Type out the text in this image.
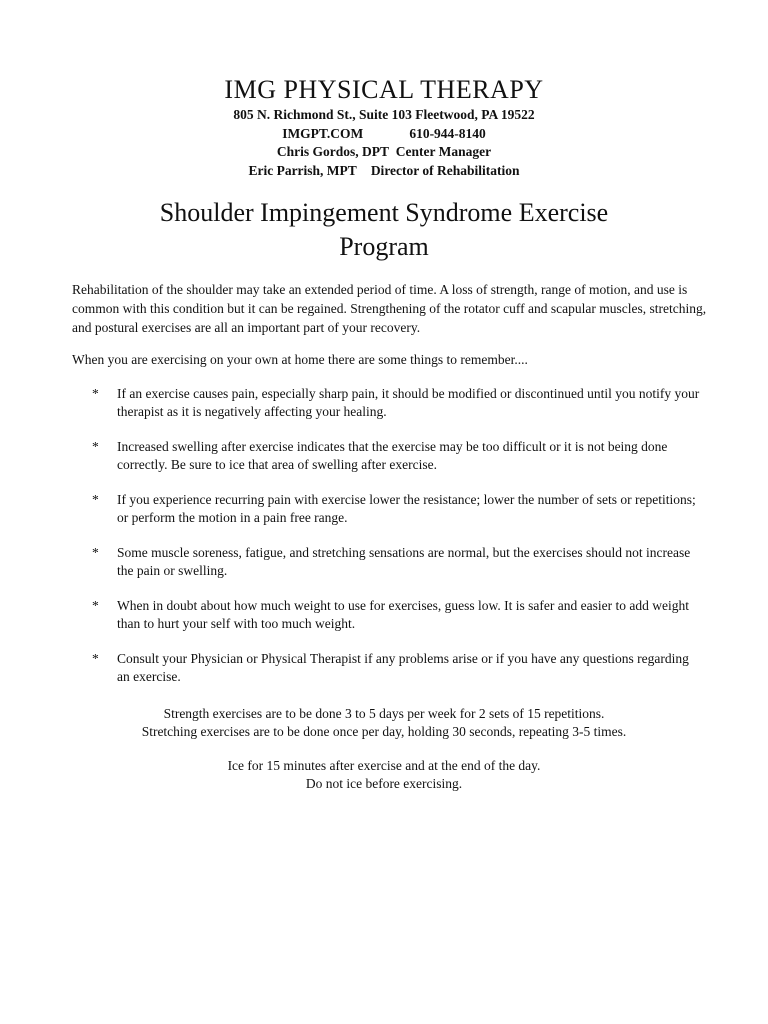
IMG PHYSICAL THERAPY
805 N. Richmond St., Suite 103 Fleetwood, PA 19522
IMGPT.COM	610-944-8140
Chris Gordos, DPT Center Manager
Eric Parrish, MPT Director of Rehabilitation
Shoulder Impingement Syndrome Exercise
Program

Rehabilitation of the shoulder may take an extended period of time. A loss of strength, range of motion, and use is common with this condition but it can be regained. Strengthening of the rotator cuff and scapular muscles, stretching, and postural exercises are all an important part of your recovery.

When you are exercising on your own at home there are some things to remember....

* If an exercise causes pain, especially sharp pain, it should be modified or discontinued until you notify your therapist as it is negatively affecting your healing.
* Increased swelling after exercise indicates that the exercise may be too difficult or it is not being done correctly. Be sure to ice that area of swelling after exercise.
* If you experience recurring pain with exercise lower the resistance; lower the number of sets or repetitions; or perform the motion in a pain free range.
* Some muscle soreness, fatigue, and stretching sensations are normal, but the exercises should not increase the pain or swelling.
* When in doubt about how much weight to use for exercises, guess low. It is safer and easier to add weight than to hurt your self with too much weight.
* Consult your Physician or Physical Therapist if any problems arise or if you have any questions regarding an exercise.
Strength exercises are to be done 3 to 5 days per week for 2 sets of 15 repetitions.
Stretching exercises are to be done once per day, holding 30 seconds, repeating 3-5 times.
Ice for 15 minutes after exercise and at the end of the day.
Do not ice before exercising.
